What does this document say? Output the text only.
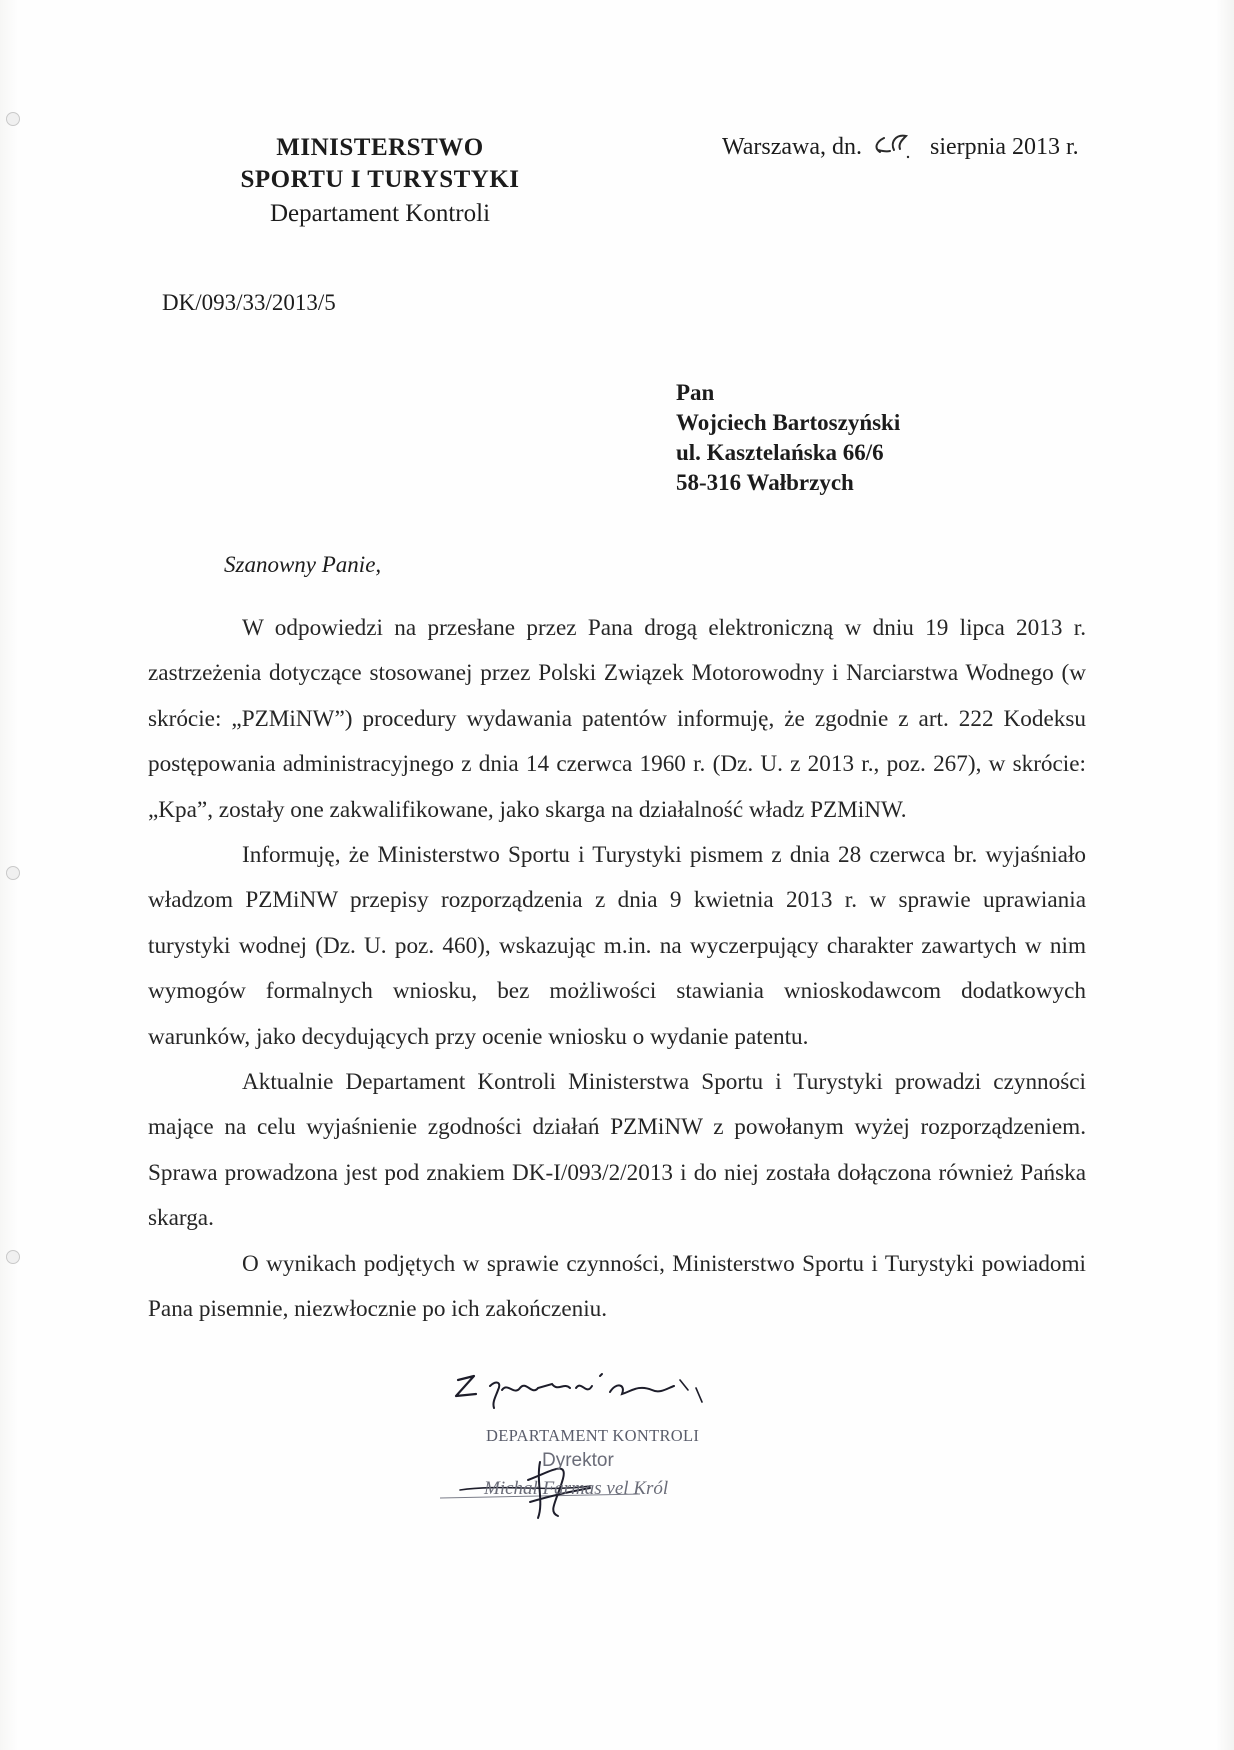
MINISTERSTWO
SPORTU I TURYSTYKI
Departament Kontroli
Warszawa, dn.	sierpnia 2013 r.
DK/093/33/2013/5
Pan
Wojciech Bartoszyński
ul. Kasztelańska 66/6
58-316 Wałbrzych
Szanowny Panie,

W odpowiedzi na przesłane przez Pana drogą elektroniczną w dniu 19 lipca 2013 r. zastrzeżenia dotyczące stosowanej przez Polski Związek Motorowodny i Narciarstwa Wodnego (w skrócie: „PZMiNW”) procedury wydawania patentów informuję, że zgodnie z art. 222 Kodeksu postępowania administracyjnego z dnia 14 czerwca 1960 r. (Dz. U. z 2013 r., poz. 267), w skrócie: „Kpa”, zostały one zakwalifikowane, jako skarga na działalność władz PZMiNW.

Informuję, że Ministerstwo Sportu i Turystyki pismem z dnia 28 czerwca br. wyjaśniało władzom PZMiNW przepisy rozporządzenia z dnia 9 kwietnia 2013 r. w sprawie uprawiania turystyki wodnej (Dz. U. poz. 460), wskazując m.in. na wyczerpujący charakter zawartych w nim wymogów formalnych wniosku, bez możliwości stawiania wnioskodawcom dodatkowych warunków, jako decydujących przy ocenie wniosku o wydanie patentu.

Aktualnie Departament Kontroli Ministerstwa Sportu i Turystyki prowadzi czynności mające na celu wyjaśnienie zgodności działań PZMiNW z powołanym wyżej rozporządzeniem. Sprawa prowadzona jest pod znakiem DK-I/093/2/2013 i do niej została dołączona również Pańska skarga.

O wynikach podjętych w sprawie czynności, Ministerstwo Sportu i Turystyki powiadomi Pana pisemnie, niezwłocznie po ich zakończeniu.

DEPARTAMENT KONTROLI
Dyrektor
Michał Farmas vel Król
